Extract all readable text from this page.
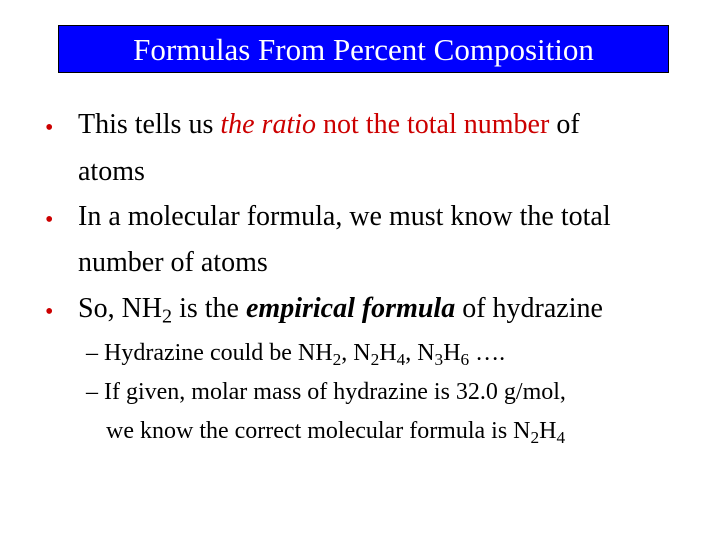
Formulas From Percent Composition
• This tells us the ratio not the total number of
atoms
• In a molecular formula, we must know the total
number of atoms
• So, $NH_2$ is the empirical formula of hydrazine
– Hydrazine could be $NH_2$, $N_2H_4$, $N_3H_6$ ….
– If given, molar mass of hydrazine is 32.0 g/mol,
we know the correct molecular formula is $N_2H_4$
